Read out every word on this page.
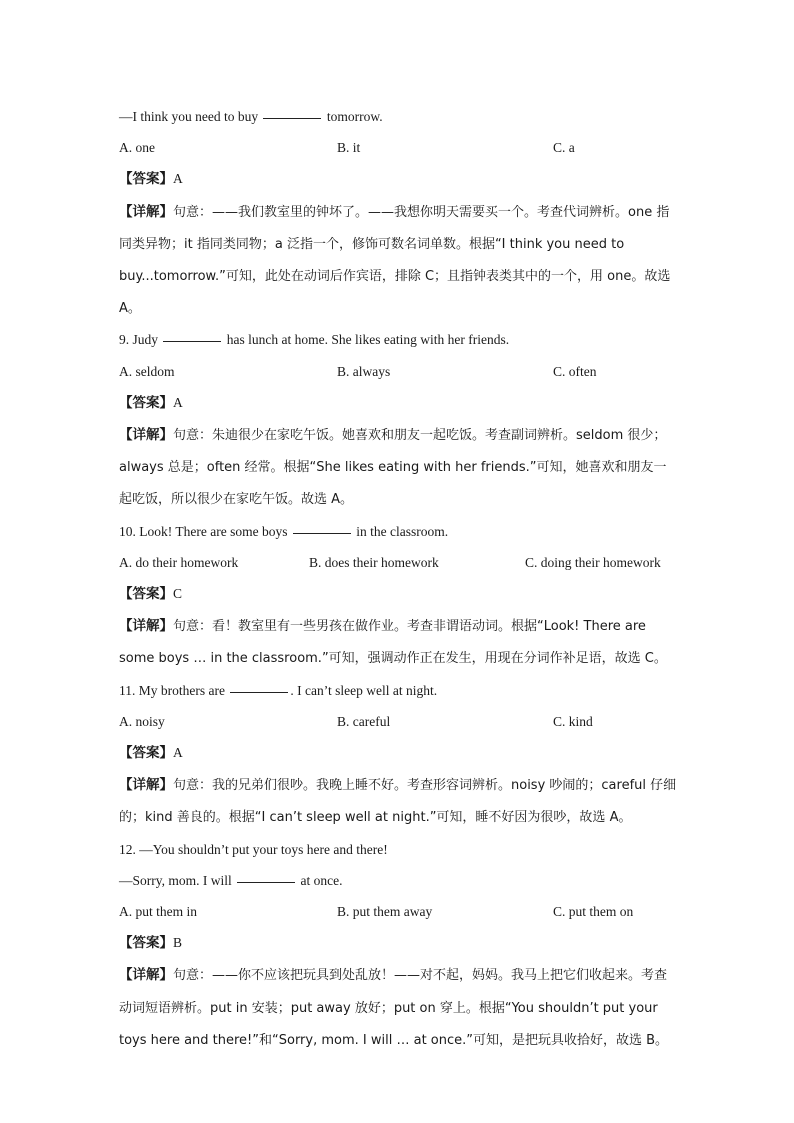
—I think you need to buy	tomorrow.
A. one	B. it	C. a
【答案】A
【详解】句意：——我们教室里的钟坏了。——我想你明天需要买一个。考查代词辨析。one 指同类异物；it 指同类同物；a 泛指一个，修饰可数名词单数。根据“I think you need to buy...tomorrow.”可知，此处在动词后作宾语，排除 C；且指钟表类其中的一个，用 one。故选 A。
9. Judy	has lunch at home. She likes eating with her friends.
A. seldom	B. always	C. often
【答案】A
【详解】句意：朱迪很少在家吃午饭。她喜欢和朋友一起吃饭。考查副词辨析。seldom 很少；always 总是；often 经常。根据“She likes eating with her friends.”可知，她喜欢和朋友一起吃饭，所以很少在家吃午饭。故选 A。
10. Look! There are some boys	in the classroom.
A. do their homework	B. does their homework	C. doing their homework
【答案】C
【详解】句意：看！教室里有一些男孩在做作业。考查非谓语动词。根据“Look! There are some boys … in the classroom.”可知，强调动作正在发生，用现在分词作补足语，故选 C。
11. My brothers are	. I can’t sleep well at night.
A. noisy	B. careful	C. kind
【答案】A
【详解】句意：我的兄弟们很吵。我晚上睡不好。考查形容词辨析。noisy 吵闹的；careful 仔细的；kind 善良的。根据“I can’t sleep well at night.”可知，睡不好因为很吵，故选 A。
12. —You shouldn’t put your toys here and there!
—Sorry, mom. I will	at once.
A. put them in	B. put them away	C. put them on
【答案】B
【详解】句意：——你不应该把玩具到处乱放！——对不起，妈妈。我马上把它们收起来。考查动词短语辨析。put in 安装；put away 放好；put on 穿上。根据“You shouldn’t put your toys here and there!”和“Sorry, mom. I will … at once.”可知，是把玩具收拾好，故选 B。
